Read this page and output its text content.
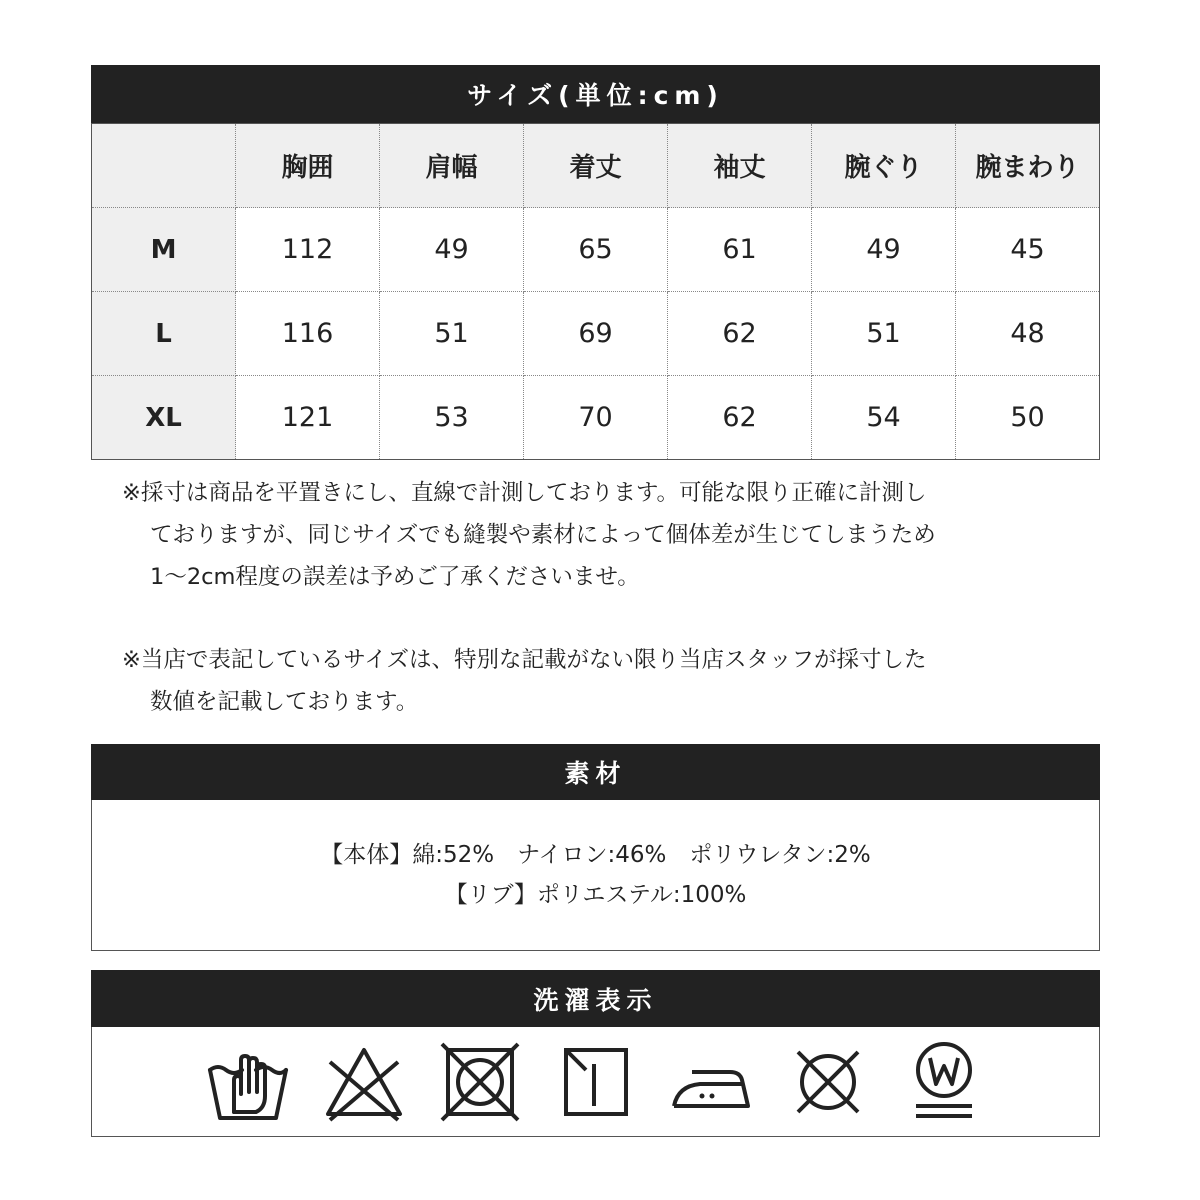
サイズ(単位:cm)
	胸囲	肩幅	着丈	袖丈	腕ぐり	腕まわり
M	112	49	65	61	49	45
L	116	51	69	62	51	48
XL	121	53	70	62	54	50
※採寸は商品を平置きにし、直線で計測しております。可能な限り正確に計測し
ておりますが、同じサイズでも縫製や素材によって個体差が生じてしまうため
1〜2cm程度の誤差は予めご了承くださいませ。
※当店で表記しているサイズは、特別な記載がない限り当店スタッフが採寸した
数値を記載しております。
素材
【本体】綿:52%　ナイロン:46%　ポリウレタン:2%
【リブ】ポリエステル:100%
洗濯表示
